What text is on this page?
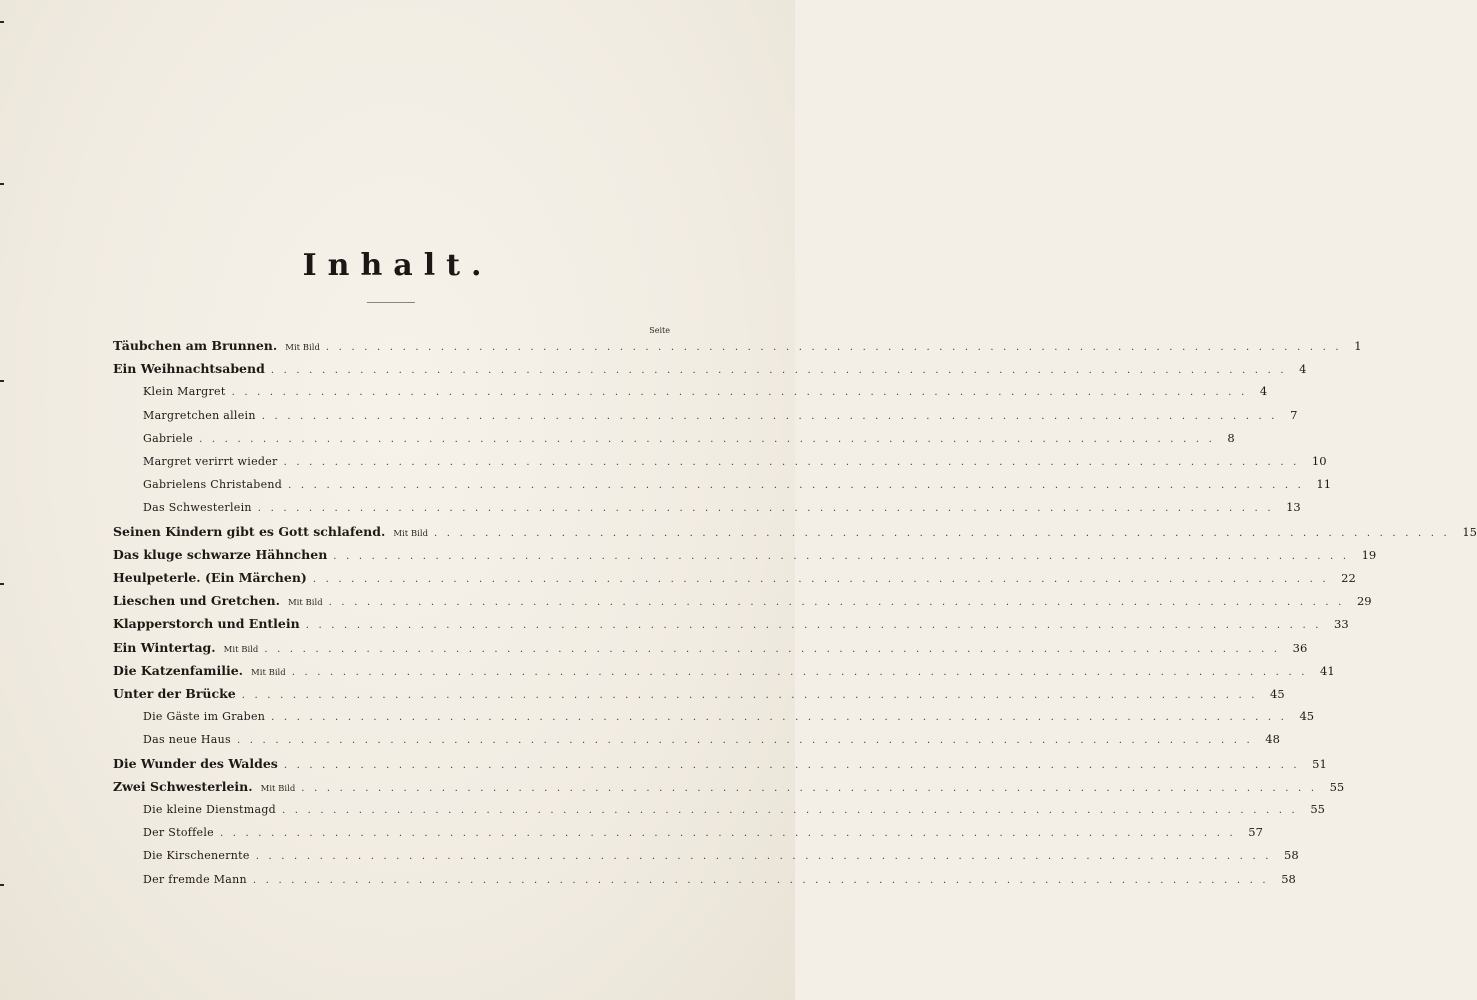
Inhalt.
Seite
Täubchen am Brunnen. Mit Bild ................................................................................ 1
Ein Weihnachtsabend ................................................................................ 4
Klein Margret ................................................................................ 4
Margretchen allein ................................................................................ 7
Gabriele ................................................................................ 8
Margret verirrt wieder ................................................................................ 10
Gabrielens Christabend ................................................................................ 11
Das Schwesterlein ................................................................................ 13
Seinen Kindern gibt es Gott schlafend. Mit Bild ................................................................................ 15
Das kluge schwarze Hähnchen ................................................................................ 19
Heulpeterle. (Ein Märchen) ................................................................................ 22
Lieschen und Gretchen. Mit Bild ................................................................................ 29
Klapperstorch und Entlein ................................................................................ 33
Ein Wintertag. Mit Bild ................................................................................ 36
Die Katzenfamilie. Mit Bild ................................................................................ 41
Unter der Brücke ................................................................................ 45
Die Gäste im Graben ................................................................................ 45
Das neue Haus ................................................................................ 48
Die Wunder des Waldes ................................................................................ 51
Zwei Schwesterlein. Mit Bild ................................................................................ 55
Die kleine Dienstmagd ................................................................................ 55
Der Stoffele ................................................................................ 57
Die Kirschenernte ................................................................................ 58
Der fremde Mann ................................................................................ 58
